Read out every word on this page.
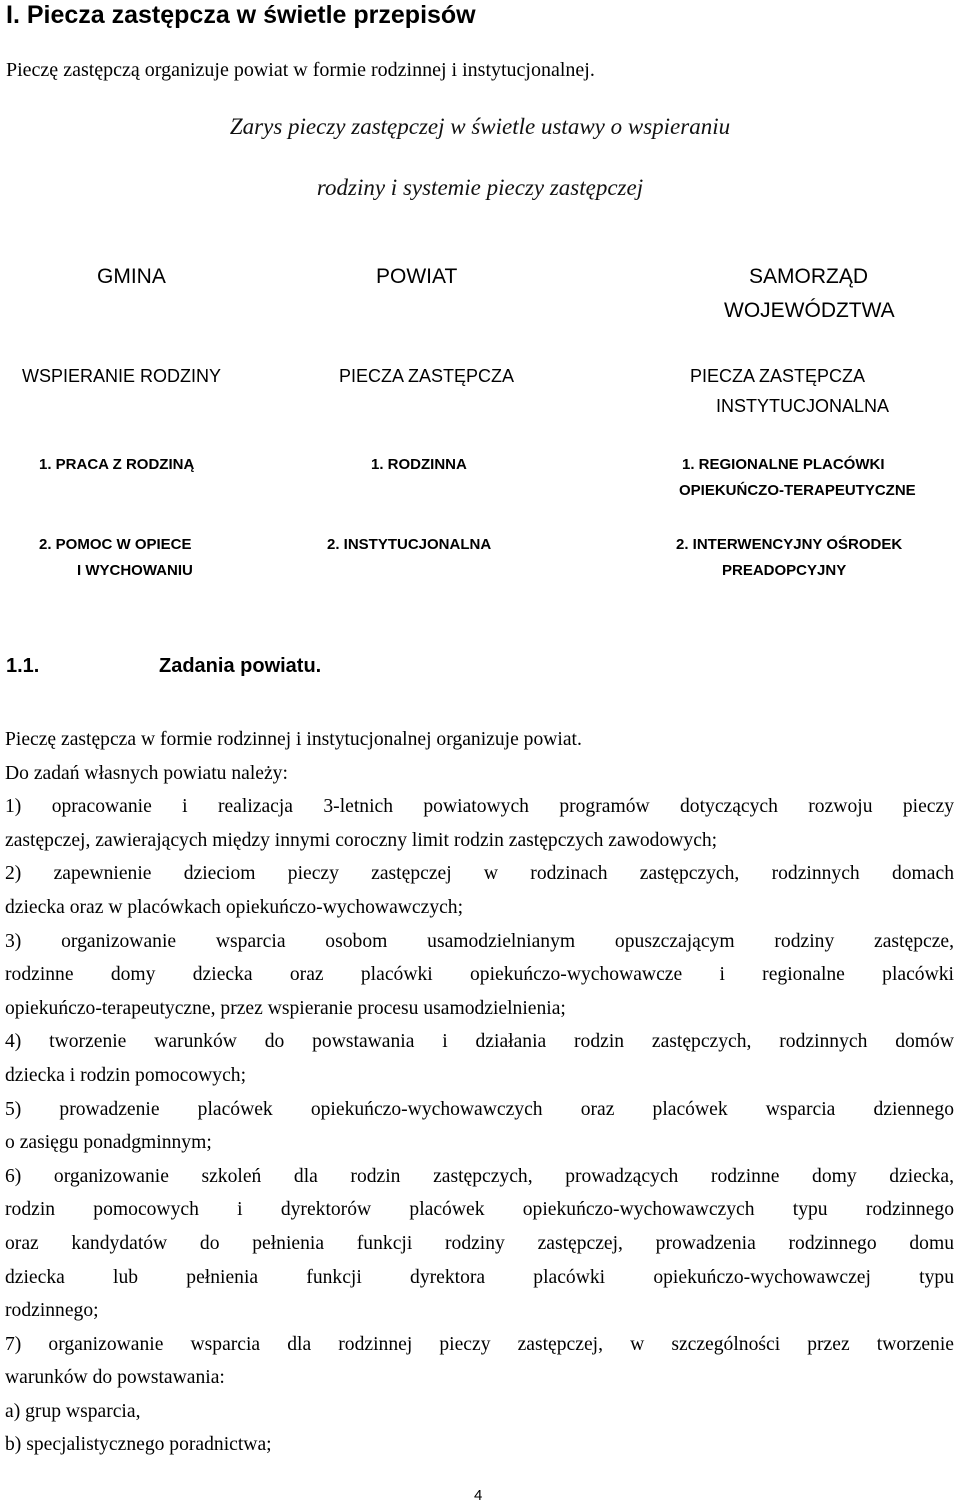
I. Piecza zastępcza w świetle przepisów
Pieczę zastępczą organizuje powiat w formie rodzinnej i instytucjonalnej.
Zarys pieczy zastępczej w świetle ustawy o wspieraniu
rodziny i systemie pieczy zastępczej
GMINA
WSPIERANIE RODZINY
1. PRACA Z RODZINĄ
2. POMOC W OPIECE
I WYCHOWANIU
POWIAT
PIECZA ZASTĘPCZA
1. RODZINNA
2. INSTYTUCJONALNA
SAMORZĄD
WOJEWÓDZTWA
PIECZA ZASTĘPCZA
INSTYTUCJONALNA
1. REGIONALNE PLACÓWKI
OPIEKUŃCZO-TERAPEUTYCZNE
2. INTERWENCYJNY OŚRODEK
PREADOPCYJNY
1.1.	Zadania powiatu.
Pieczę zastępcza w formie rodzinnej i instytucjonalnej organizuje powiat.
Do zadań własnych powiatu należy:
1) opracowanie i realizacja 3-letnich powiatowych programów dotyczących rozwoju pieczy
zastępczej, zawierających między innymi coroczny limit rodzin zastępczych zawodowych;
2) zapewnienie dzieciom pieczy zastępczej w rodzinach zastępczych, rodzinnych domach
dziecka oraz w placówkach opiekuńczo-wychowawczych;
3) organizowanie wsparcia osobom usamodzielnianym opuszczającym rodziny zastępcze,
rodzinne domy dziecka oraz placówki opiekuńczo-wychowawcze i regionalne placówki
opiekuńczo-terapeutyczne, przez wspieranie procesu usamodzielnienia;
4) tworzenie warunków do powstawania i działania rodzin zastępczych, rodzinnych domów
dziecka i rodzin pomocowych;
5) prowadzenie placówek opiekuńczo-wychowawczych oraz placówek wsparcia dziennego
o zasięgu ponadgminnym;
6) organizowanie szkoleń dla rodzin zastępczych, prowadzących rodzinne domy dziecka,
rodzin pomocowych i dyrektorów placówek opiekuńczo-wychowawczych typu rodzinnego
oraz kandydatów do pełnienia funkcji rodziny zastępczej, prowadzenia rodzinnego domu
dziecka lub pełnienia funkcji dyrektora placówki opiekuńczo-wychowawczej typu
rodzinnego;
7) organizowanie wsparcia dla rodzinnej pieczy zastępczej, w szczególności przez tworzenie
warunków do powstawania:
a) grup wsparcia,
b) specjalistycznego poradnictwa;
4
